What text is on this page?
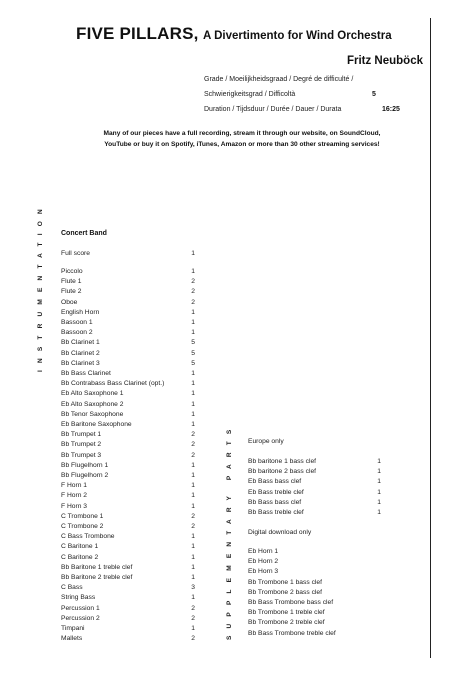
FIVE PILLARS, A Divertimento for Wind Orchestra
Fritz Neuböck
Grade / Moeilijkheidsgraad / Degré de difficulté /
Schwierigkeitsgrad / Difficoltà	5
Duration / Tijdsduur / Durée / Dauer / Durata	16:25
Many of our pieces have a full recording, stream it through our website, on SoundCloud,
YouTube or buy it on Spotify, iTunes, Amazon or more than 30 other streaming services!
INSTRUMENTATION
SUPPLEMENTARY PARTS
Concert Band
Full score	1
Piccolo	1
Flute 1	2
Flute 2	2
Oboe	2
English Horn	1
Bassoon 1	1
Bassoon 2	1
Bb Clarinet 1	5
Bb Clarinet 2	5
Bb Clarinet 3	5
Bb Bass Clarinet	1
Bb Contrabass Bass Clarinet (opt.)	1
Eb Alto Saxophone 1	1
Eb Alto Saxophone 2	1
Bb Tenor Saxophone	1
Eb Baritone Saxophone	1
Bb Trumpet 1	2
Bb Trumpet 2	2
Bb Trumpet 3	2
Bb Flugelhorn 1	1
Bb Flugelhorn 2	1
F Horn 1	1
F Horn 2	1
F Horn 3	1
C Trombone 1	2
C Trombone 2	2
C Bass Trombone	1
C Baritone 1	1
C Baritone 2	1
Bb Baritone 1 treble clef	1
Bb Baritone 2 treble clef	1
C Bass	3
String Bass	1
Percussion 1	2
Percussion 2	2
Timpani	1
Mallets	2
Europe only
Bb baritone 1 bass clef	1
Bb baritone 2 bass clef	1
Eb Bass bass clef	1
Eb Bass treble clef	1
Bb Bass bass clef	1
Bb Bass treble clef	1
Digital download only
Eb Horn 1
Eb Horn 2
Eb Horn 3
Bb Trombone 1 bass clef
Bb Trombone 2 bass clef
Bb Bass Trombone bass clef
Bb Trombone 1 treble clef
Bb Trombone 2 treble clef
Bb Bass Trombone treble clef
